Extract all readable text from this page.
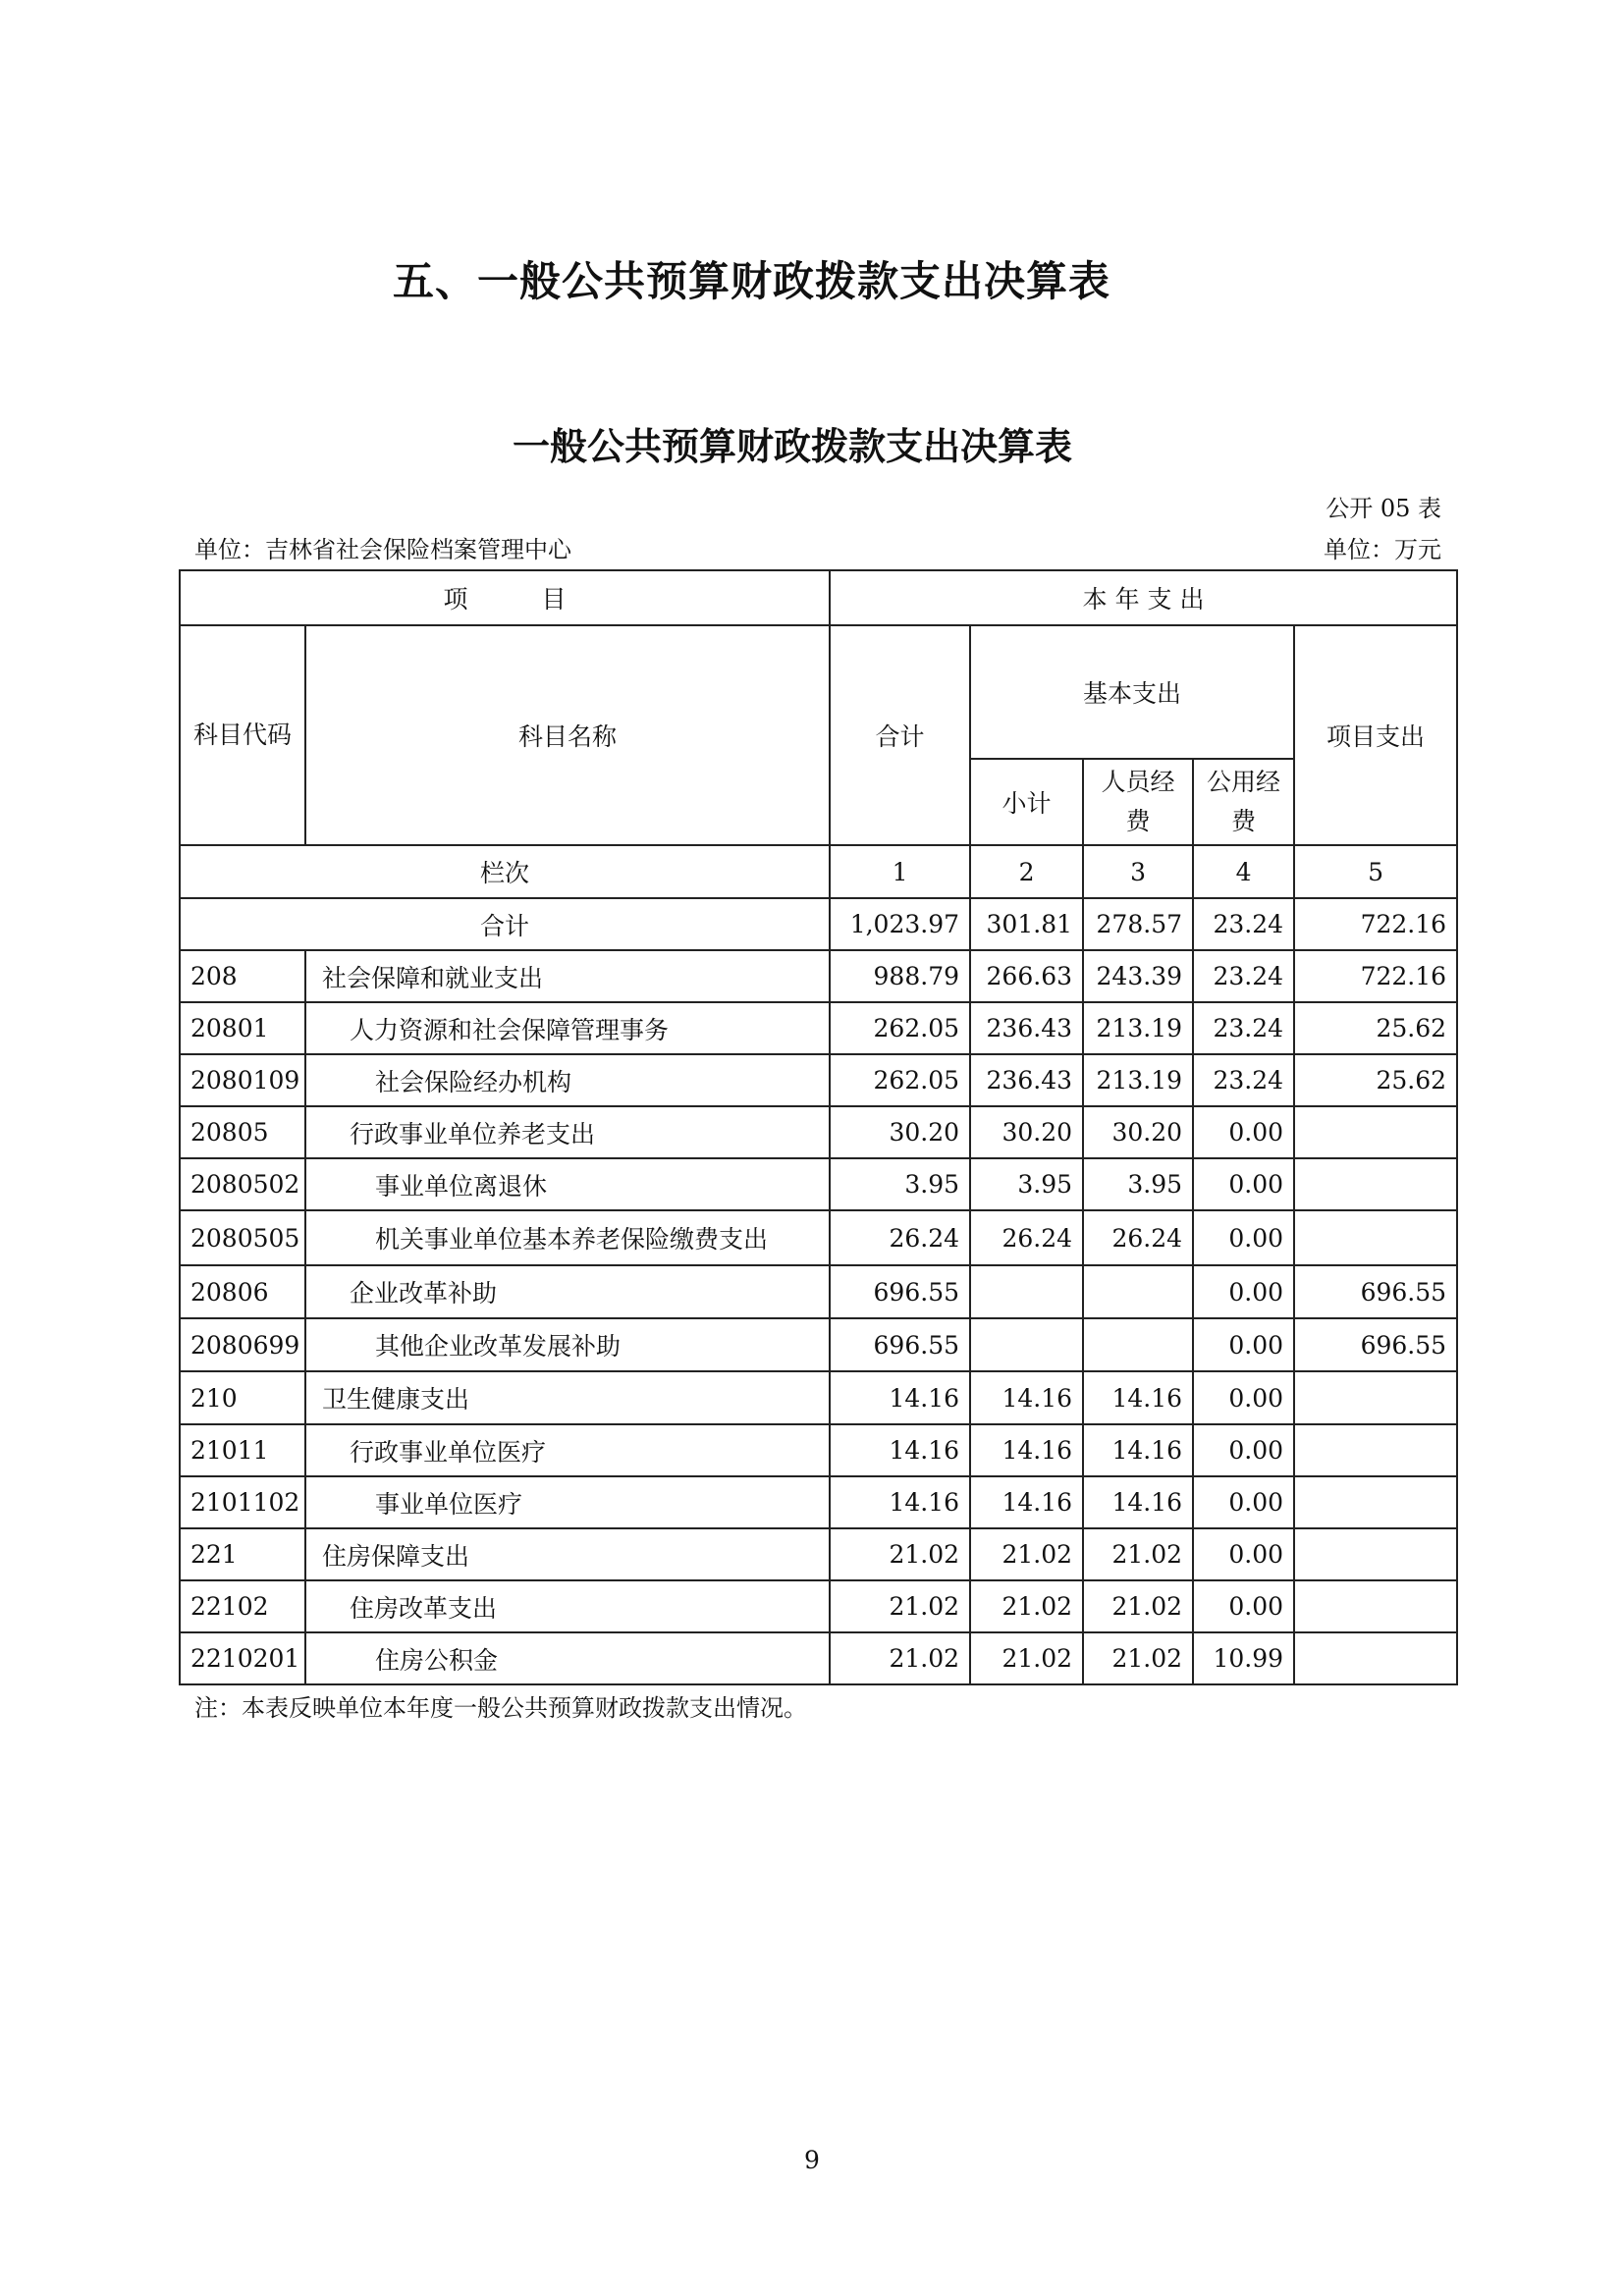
五、一般公共预算财政拨款支出决算表
一般公共预算财政拨款支出决算表
公开 05 表
单位：吉林省社会保险档案管理中心	单位：万元
项　　　目		本 年 支 出				
科目代码	科目名称	合计	基本支出			项目支出
			小计	人员经费	公用经费	
栏次		1	2	3	4	5
合计		1,023.97	301.81	278.57	23.24	722.16
208	社会保障和就业支出	988.79	266.63	243.39	23.24	722.16
20801	人力资源和社会保障管理事务	262.05	236.43	213.19	23.24	25.62
2080109	社会保险经办机构	262.05	236.43	213.19	23.24	25.62
20805	行政事业单位养老支出	30.20	30.20	30.20	0.00	
2080502	事业单位离退休	3.95	3.95	3.95	0.00	
2080505	机关事业单位基本养老保险缴费支出	26.24	26.24	26.24	0.00	
20806	企业改革补助	696.55			0.00	696.55
2080699	其他企业改革发展补助	696.55			0.00	696.55
210	卫生健康支出	14.16	14.16	14.16	0.00	
21011	行政事业单位医疗	14.16	14.16	14.16	0.00	
2101102	事业单位医疗	14.16	14.16	14.16	0.00	
221	住房保障支出	21.02	21.02	21.02	0.00	
22102	住房改革支出	21.02	21.02	21.02	0.00	
2210201	住房公积金	21.02	21.02	21.02	10.99	
注：本表反映单位本年度一般公共预算财政拨款支出情况。
9
